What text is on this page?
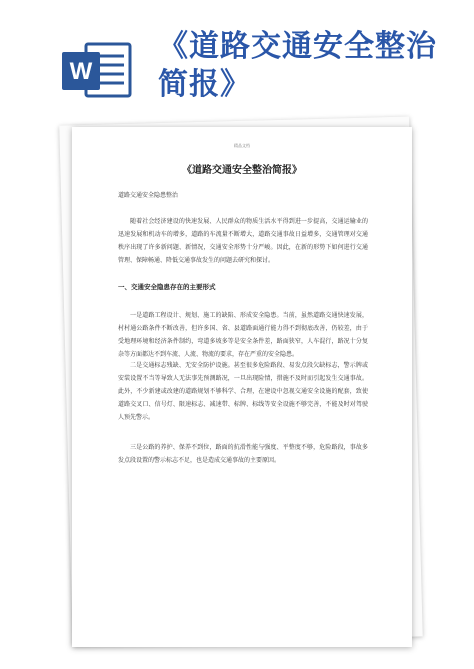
W
《道路交通安全整治简报》
精品文档
《道路交通安全整治简报》
道路交通安全隐患整治

随着社会经济建设的快速发展、人民群众的物质生活水平得到进一步提高，交通运输业的迅速发展和机动车的增多，道路的车流量不断增大，道路交通事故日益增多，交通管理对交通秩序出现了许多新问题、新情况，交通安全形势十分严峻。因此，在新的形势下如何进行交通管理、保障畅通、降低交通事故发生的问题去研究和探讨。

一、交通安全隐患存在的主要形式

一是道路工程设计、规划、施工的缺陷、形成安全隐患。当前，虽然道路交通快速发展，村村通公路条件不断改善，但许多国、省、县道路面通行能力得不到彻底改善，仍较差，由于受地理环境和经济条件制约，弯道多坡多等是安全条件差，路面狭窄，人车混行，路况十分复杂等方面都达不到车流、人流、物流的要求，存在严重的安全隐患。

二是交通标志残缺、无安全防护设施。甚至很多危险路段、易发点段欠缺标志，警示牌或安装设置不当等导致人无法事先预测路况，一旦出现险情，措施不及时而引起发生交通事故。此外，不少新建或改建的道路规划不够科学、合理，在建设中忽视交通安全设施的配套，致使道路交叉口、信号灯、限速标志、减速带、标牌、标线等安全设施不够完善，不能及时对驾驶人预先警示。

三是公路的养护、保养不到位，路面的抗滑性能与强度、平整度不够，危险路段，事故多发点段设置的警示标志不足，也是造成交通事故的主要原因。
